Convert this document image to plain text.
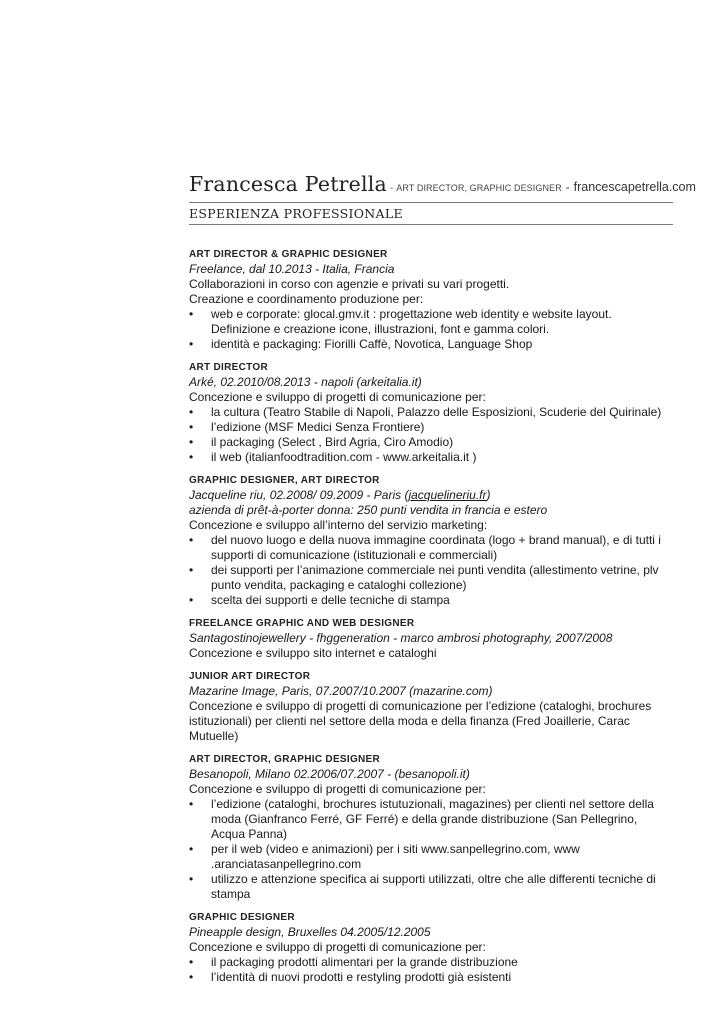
Francesca Petrella - ART DIRECTOR, GRAPHIC DESIGNER - francescapetrella.com
ESPERIENZA PROFESSIONALE
ART DIRECTOR & GRAPHIC DESIGNER
Freelance, dal 10.2013 - Italia, Francia
Collaborazioni in corso con agenzie e privati su vari progetti.
Creazione e coordinamento produzione per:
• web e corporate: glocal.gmv.it : progettazione web identity e website layout. Definizione e creazione icone, illustrazioni, font e gamma colori.
• identità e packaging: Fiorilli Caffè, Novotica, Language Shop
ART DIRECTOR
Arké, 02.2010/08.2013 - napoli (arkeitalia.it)
Concezione e sviluppo di progetti di comunicazione per:
• la cultura (Teatro Stabile di Napoli, Palazzo delle Esposizioni, Scuderie del Quirinale)
• l’edizione (MSF Medici Senza Frontiere)
• il packaging (Select , Bird Agria, Ciro Amodio)
• il web (italianfoodtradition.com - www.arkeitalia.it )
GRAPHIC DESIGNER, ART DIRECTOR
Jacqueline riu, 02.2008/ 09.2009 - Paris (jacquelineriu.fr)
azienda di prêt-à-porter donna: 250 punti vendita in francia e estero
Concezione e sviluppo all’interno del servizio marketing:
• del nuovo luogo e della nuova immagine coordinata (logo + brand manual), e di tutti i supporti di comunicazione (istituzionali e commerciali)
• dei supporti per l’animazione commerciale nei punti vendita (allestimento vetrine, plv punto vendita, packaging e cataloghi collezione)
• scelta dei supporti e delle tecniche di stampa
FREELANCE GRAPHIC AND WEB DESIGNER
Santagostinojewellery - fhggeneration - marco ambrosi photography, 2007/2008
Concezione e sviluppo sito internet e cataloghi
JUNIOR ART DIRECTOR
Mazarine Image, Paris, 07.2007/10.2007 (mazarine.com)
Concezione e sviluppo di progetti di comunicazione per l’edizione (cataloghi, brochures istituzionali) per clienti nel settore della moda e della finanza (Fred Joaillerie, Carac Mutuelle)
ART DIRECTOR, GRAPHIC DESIGNER
Besanopoli, Milano 02.2006/07.2007 - (besanopoli.it)
Concezione e sviluppo di progetti di comunicazione per:
• l’edizione (cataloghi, brochures istutuzionali, magazines) per clienti nel settore della moda (Gianfranco Ferré, GF Ferré) e della grande distribuzione (San Pellegrino, Acqua Panna)
• per il web (video e animazioni) per i siti www.sanpellegrino.com, www .aranciatasanpellegrino.com
• utilizzo e attenzione specifica ai supporti utilizzati, oltre che alle differenti tecniche di stampa
GRAPHIC DESIGNER
Pineapple design, Bruxelles 04.2005/12.2005
Concezione e sviluppo di progetti di comunicazione per:
• il packaging prodotti alimentari per la grande distribuzione
• l’identità di nuovi prodotti e restyling prodotti già esistenti
